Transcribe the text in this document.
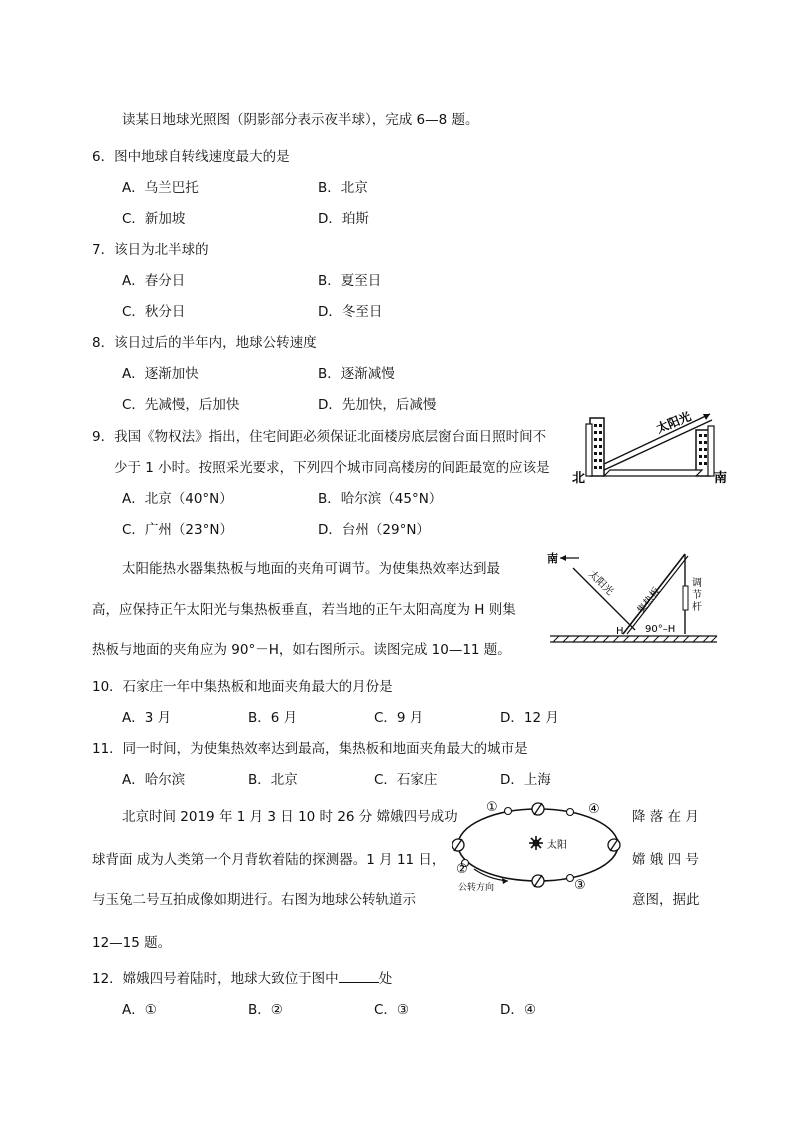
读某日地球光照图（阴影部分表示夜半球），完成 6—8 题。
6．图中地球自转线速度最大的是
A．乌兰巴托	B．北京
C．新加坡	D．珀斯
7．该日为北半球的
A．春分日	B．夏至日
C．秋分日	D．冬至日
8．该日过后的半年内，地球公转速度
A．逐渐加快	B．逐渐减慢
C．先减慢，后加快	D．先加快，后减慢
9．我国《物权法》指出，住宅间距必须保证北面楼房底层窗台面日照时间不
少于 1 小时。按照采光要求，下列四个城市同高楼房的间距最宽的应该是
A．北京（40°N）	B．哈尔滨（45°N）
C．广州（23°N）	D．台州（29°N）
太阳光
北	南
太阳能热水器集热板与地面的夹角可调节。为使集热效率达到最
高，应保持正午太阳光与集热板垂直，若当地的正午太阳高度为 H 则集
热板与地面的夹角应为 90°－H，如右图所示。读图完成 10—11 题。
南
太阳光
集热板
调节杆
H 90°–H
10．石家庄一年中集热板和地面夹角最大的月份是
A．3 月	B．6 月	C．9 月	D．12 月
11．同一时间，为使集热效率达到最高，集热板和地面夹角最大的城市是
A．哈尔滨	B．北京	C．石家庄	D．上海
北京时间 2019 年 1 月 3 日 10 时 26 分 嫦娥四号成功	降 落 在 月
球背面 成为人类第一个月背软着陆的探测器。1 月 11 日，	嫦 娥 四 号
与玉兔二号互拍成像如期进行。右图为地球公转轨道示	意图，据此
12—15 题。
太阳
①	④
②
③
公转方向
12．嫦娥四号着陆时，地球大致位于图中	处
A．①	B．②	C．③	D．④
